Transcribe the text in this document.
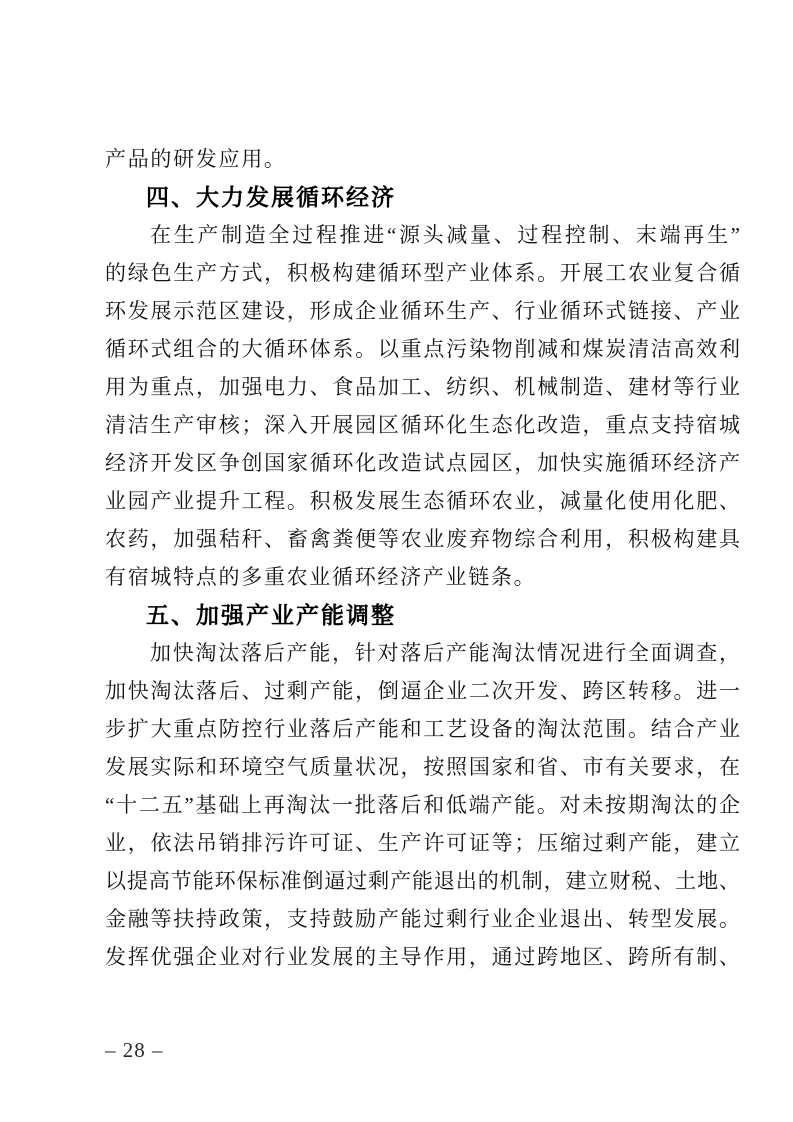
产品的研发应用。
四、大力发展循环经济
在生产制造全过程推进“源头减量、过程控制、末端再生”
的绿色生产方式，积极构建循环型产业体系。开展工农业复合循
环发展示范区建设，形成企业循环生产、行业循环式链接、产业
循环式组合的大循环体系。以重点污染物削减和煤炭清洁高效利
用为重点，加强电力、食品加工、纺织、机械制造、建材等行业
清洁生产审核；深入开展园区循环化生态化改造，重点支持宿城
经济开发区争创国家循环化改造试点园区，加快实施循环经济产
业园产业提升工程。积极发展生态循环农业，减量化使用化肥、
农药，加强秸秆、畜禽粪便等农业废弃物综合利用，积极构建具
有宿城特点的多重农业循环经济产业链条。
五、加强产业产能调整
加快淘汰落后产能，针对落后产能淘汰情况进行全面调查，
加快淘汰落后、过剩产能，倒逼企业二次开发、跨区转移。进一
步扩大重点防控行业落后产能和工艺设备的淘汰范围。结合产业
发展实际和环境空气质量状况，按照国家和省、市有关要求，在
“十二五”基础上再淘汰一批落后和低端产能。对未按期淘汰的企
业，依法吊销排污许可证、生产许可证等；压缩过剩产能，建立
以提高节能环保标准倒逼过剩产能退出的机制，建立财税、土地、
金融等扶持政策，支持鼓励产能过剩行业企业退出、转型发展。
发挥优强企业对行业发展的主导作用，通过跨地区、跨所有制、
– 28 –
